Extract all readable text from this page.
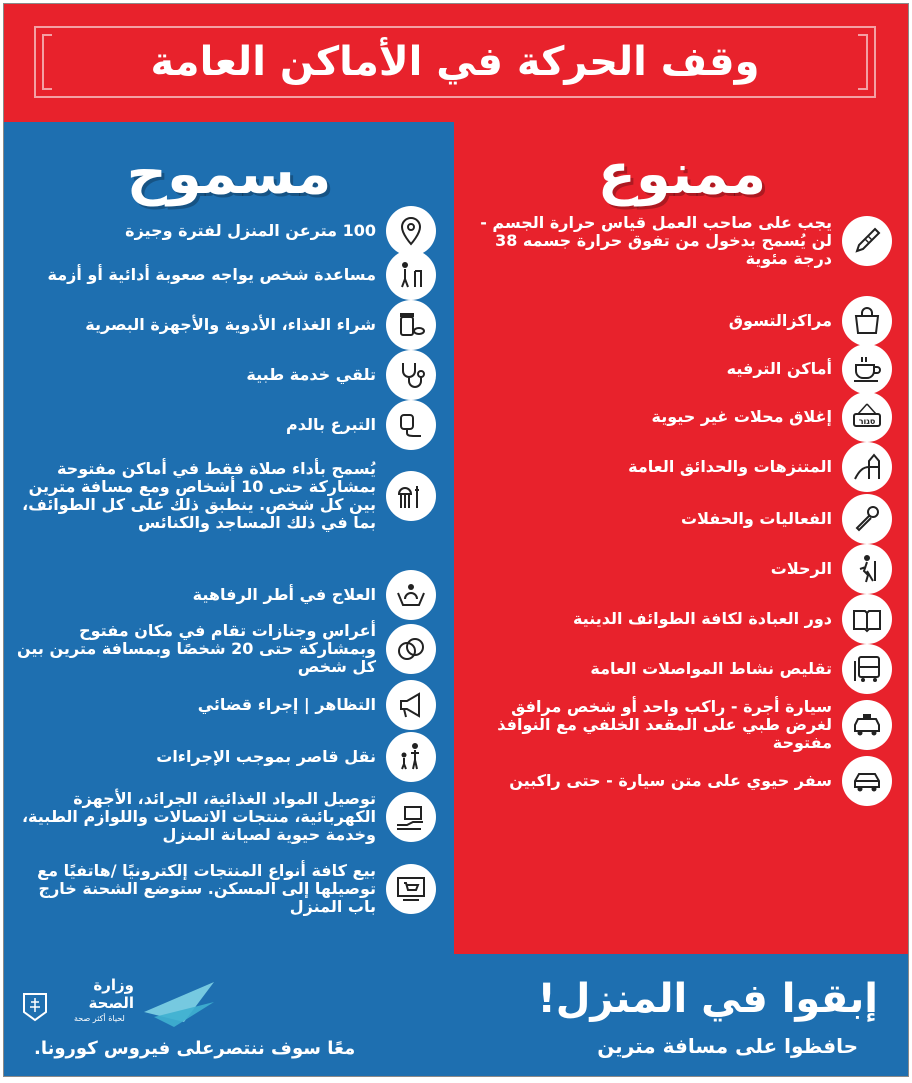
وقف الحركة في الأماكن العامة
مسموح
100 مترعن المنزل لفترة وجيزة
مساعدة شخص يواجه صعوبة أدائية أو أزمة
شراء الغذاء، الأدوية والأجهزة البصرية
تلقي خدمة طبية
التبرع بالدم
يُسمح بأداء صلاة فقط في أماكن مفتوحة بمشاركة حتى 10 أشخاص ومع مسافة مترين بين كل شخص. ينطبق ذلك على كل الطوائف، بما في ذلك المساجد والكنائس
العلاج في أطر الرفاهية
أعراس وجنازات تقام في مكان مفتوح وبمشاركة حتى 20 شخصًا وبمسافة مترين بين كل شخص
التظاهر | إجراء قضائي
نقل قاصر بموجب الإجراءات
توصيل المواد الغذائية، الجرائد، الأجهزة الكهربائية، منتجات الاتصالات واللوازم الطبية، وخدمة حيوية لصيانة المنزل
بيع كافة أنواع المنتجات إلكترونيًا /هاتفيًا مع توصيلها إلى المسكن. ستوضع الشحنة خارج باب المنزل
ممنوع
يجب على صاحب العمل قياس حرارة الجسم - لن يُسمح بدخول من تفوق حرارة جسمه 38 درجة مئوية
مراكزالتسوق
أماكن الترفيه
סגור
إغلاق محلات غير حيوية
المتنزهات والحدائق العامة
الفعاليات والحفلات
الرحلات
دور العبادة لكافة الطوائف الدينية
تقليص نشاط المواصلات العامة
سيارة أجرة - راكب واحد أو شخص مرافق لغرض طبي على المقعد الخلفي مع النوافذ مفتوحة
سفر حيوي على متن سيارة - حتى راكبين
إبقوا في المنزل!
حافظوا على مسافة مترين
معًا سوف ننتصرعلى فيروس كورونا.
وزارة الصحة
لحياة أكثر صحة
